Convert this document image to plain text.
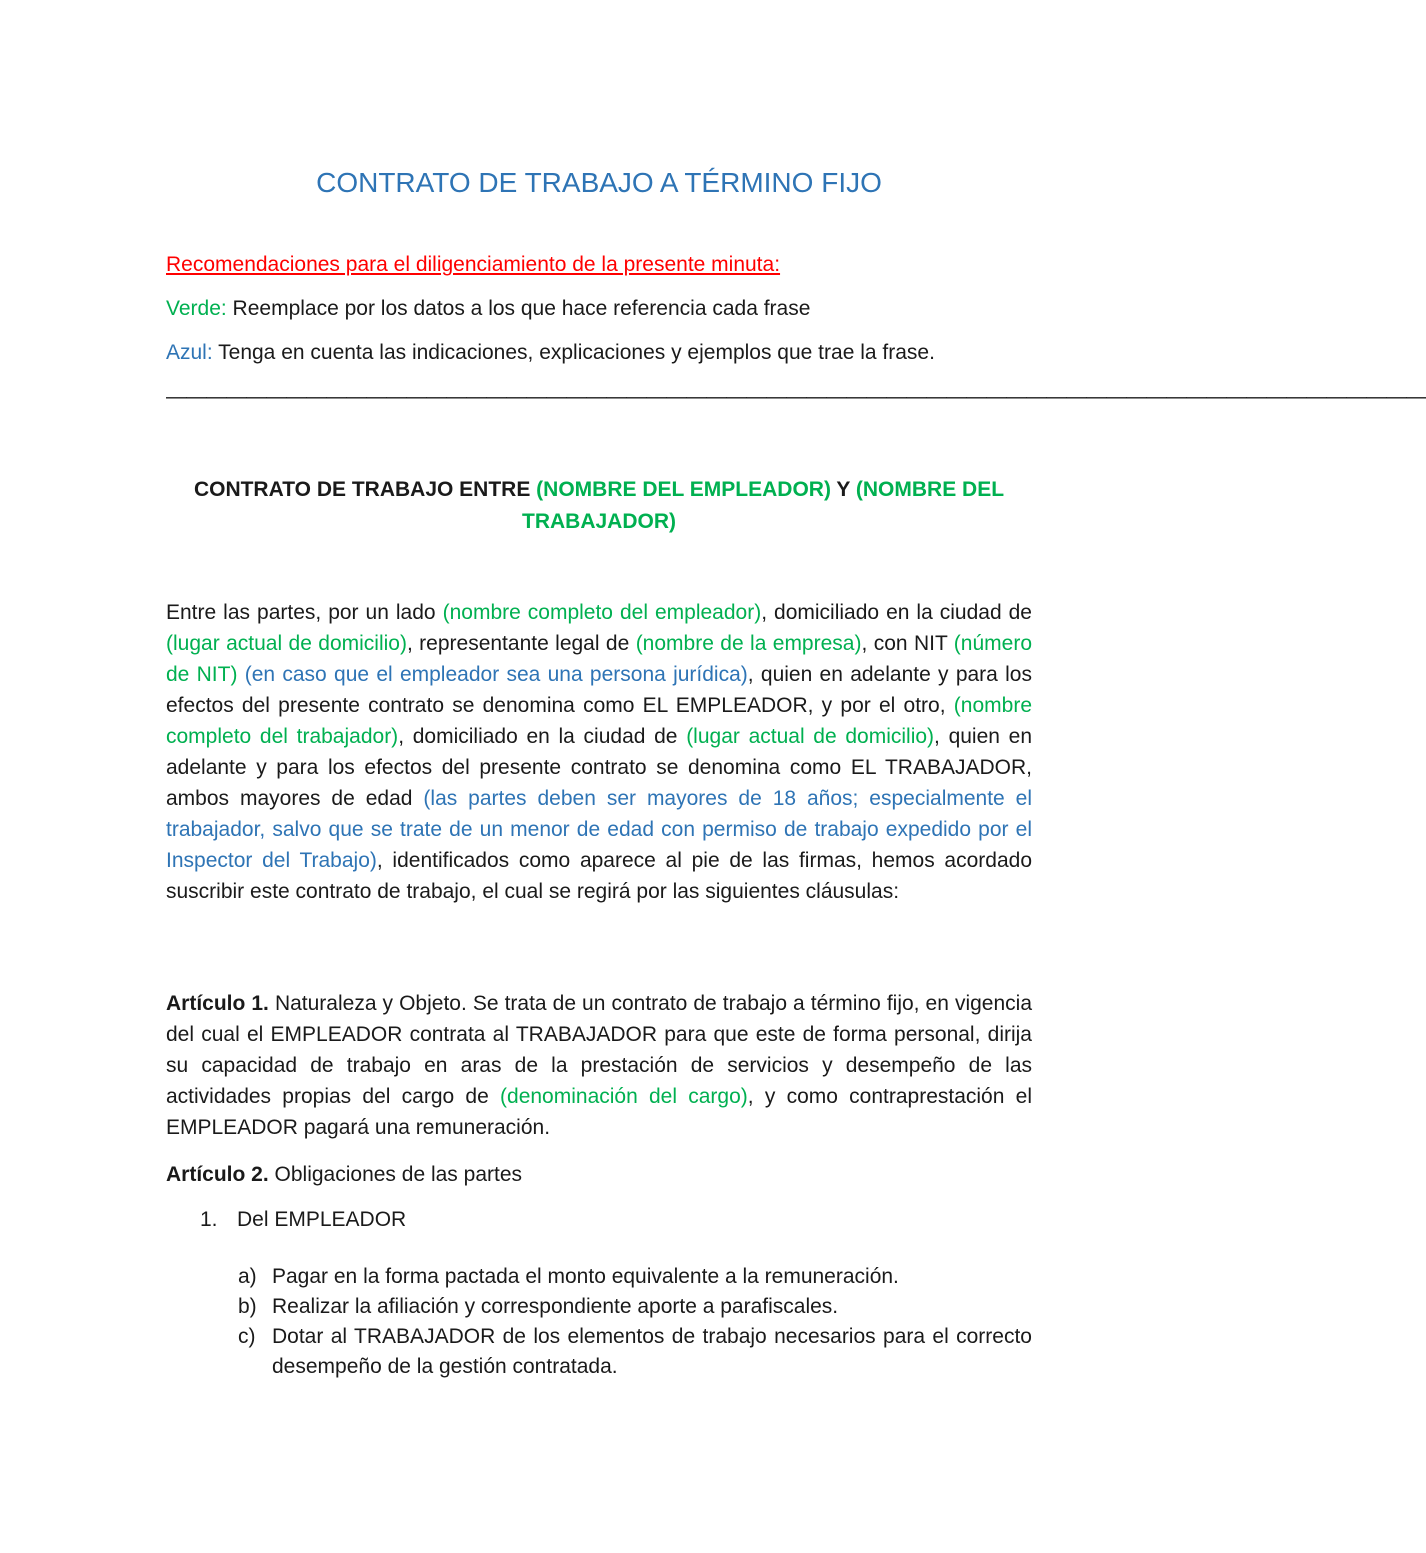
CONTRATO DE TRABAJO A TÉRMINO FIJO

Recomendaciones para el diligenciamiento de la presente minuta:

Verde: Reemplace por los datos a los que hace referencia cada frase

Azul: Tenga en cuenta las indicaciones, explicaciones y ejemplos que trae la frase.

———————————————————————————————————————————————————————————————

CONTRATO DE TRABAJO ENTRE (NOMBRE DEL EMPLEADOR) Y (NOMBRE DEL TRABAJADOR)

Entre las partes, por un lado (nombre completo del empleador), domiciliado en la ciudad de (lugar actual de domicilio), representante legal de (nombre de la empresa), con NIT (número de NIT) (en caso que el empleador sea una persona jurídica), quien en adelante y para los efectos del presente contrato se denomina como EL EMPLEADOR, y por el otro, (nombre completo del trabajador), domiciliado en la ciudad de (lugar actual de domicilio), quien en adelante y para los efectos del presente contrato se denomina como EL TRABAJADOR, ambos mayores de edad (las partes deben ser mayores de 18 años; especialmente el trabajador, salvo que se trate de un menor de edad con permiso de trabajo expedido por el Inspector del Trabajo), identificados como aparece al pie de las firmas, hemos acordado suscribir este contrato de trabajo, el cual se regirá por las siguientes cláusulas:

Artículo 1. Naturaleza y Objeto. Se trata de un contrato de trabajo a término fijo, en vigencia del cual el EMPLEADOR contrata al TRABAJADOR para que este de forma personal, dirija su capacidad de trabajo en aras de la prestación de servicios y desempeño de las actividades propias del cargo de (denominación del cargo), y como contraprestación el EMPLEADOR pagará una remuneración.

Artículo 2. Obligaciones de las partes

1. Del EMPLEADOR

a) Pagar en la forma pactada el monto equivalente a la remuneración.
b) Realizar la afiliación y correspondiente aporte a parafiscales.
c) Dotar al TRABAJADOR de los elementos de trabajo necesarios para el correcto desempeño de la gestión contratada.
